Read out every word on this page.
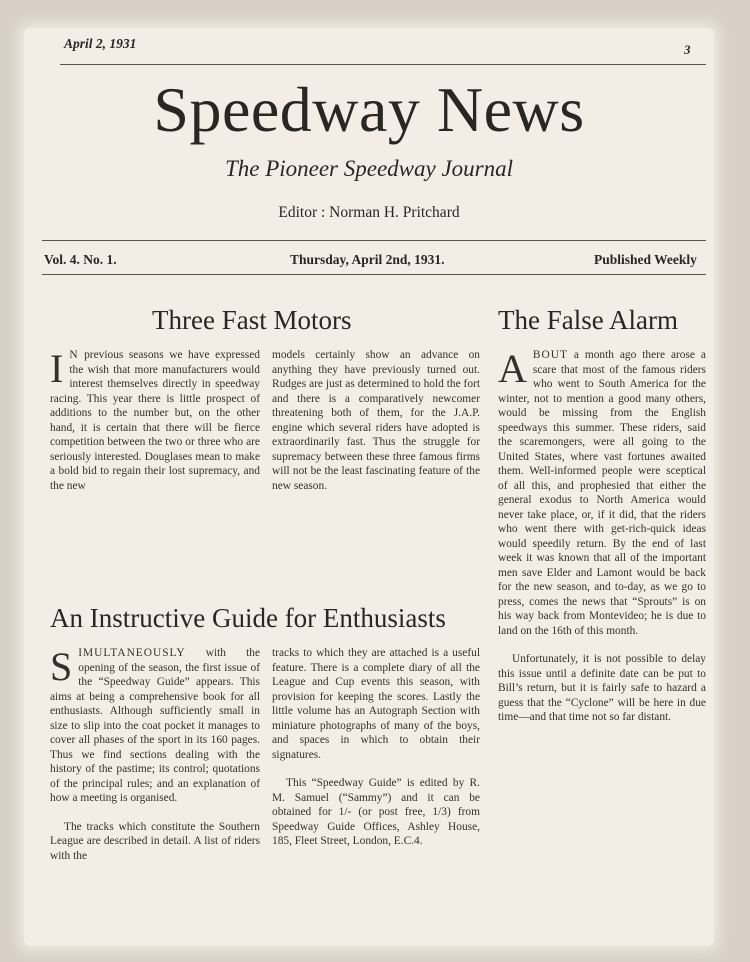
April 2, 1931	3
Speedway News
The Pioneer Speedway Journal
Editor : Norman H. Pritchard
Vol. 4. No. 1.	Thursday, April 2nd, 1931.	Published Weekly
Three Fast Motors

I N previous seasons we have expressed the wish that more manufacturers would interest themselves directly in speedway racing. This year there is little prospect of additions to the number but, on the other hand, it is certain that there will be fierce competition between the two or three who are seriously interested. Douglases mean to make a bold bid to regain their lost supremacy, and the new

models certainly show an advance on anything they have previously turned out. Rudges are just as determined to hold the fort and there is a comparatively newcomer threatening both of them, for the J.A.P. engine which several riders have adopted is extraordinarily fast. Thus the struggle for supremacy between these three famous firms will not be the least fascinating feature of the new season.

An Instructive Guide for Enthusiasts

SIMULTANEOUSLY with the opening of the season, the first issue of the “Speedway Guide” appears. This aims at being a comprehensive book for all enthusiasts. Although sufficiently small in size to slip into the coat pocket it manages to cover all phases of the sport in its 160 pages. Thus we find sections dealing with the history of the pastime; its control; quotations of the principal rules; and an explanation of how a meeting is organised.

The tracks which constitute the Southern League are described in detail. A list of riders with the

tracks to which they are attached is a useful feature. There is a complete diary of all the League and Cup events this season, with provision for keeping the scores. Lastly the little volume has an Autograph Section with miniature photographs of many of the boys, and spaces in which to obtain their signatures.

This “Speedway Guide” is edited by R. M. Samuel (“Sammy”) and it can be obtained for 1/- (or post free, 1/3) from Speedway Guide Offices, Ashley House, 185, Fleet Street, London, E.C.4.

The False Alarm

ABOUT a month ago there arose a scare that most of the famous riders who went to South America for the winter, not to mention a good many others, would be missing from the English speedways this summer. These riders, said the scaremongers, were all going to the United States, where vast fortunes awaited them. Well-informed people were sceptical of all this, and prophesied that either the general exodus to North America would never take place, or, if it did, that the riders who went there with get-rich-quick ideas would speedily return. By the end of last week it was known that all of the important men save Elder and Lamont would be back for the new season, and to-day, as we go to press, comes the news that “Sprouts” is on his way back from Montevideo; he is due to land on the 16th of this month.

Unfortunately, it is not possible to delay this issue until a definite date can be put to Bill’s return, but it is fairly safe to hazard a guess that the “Cyclone” will be here in due time—and that time not so far distant.
